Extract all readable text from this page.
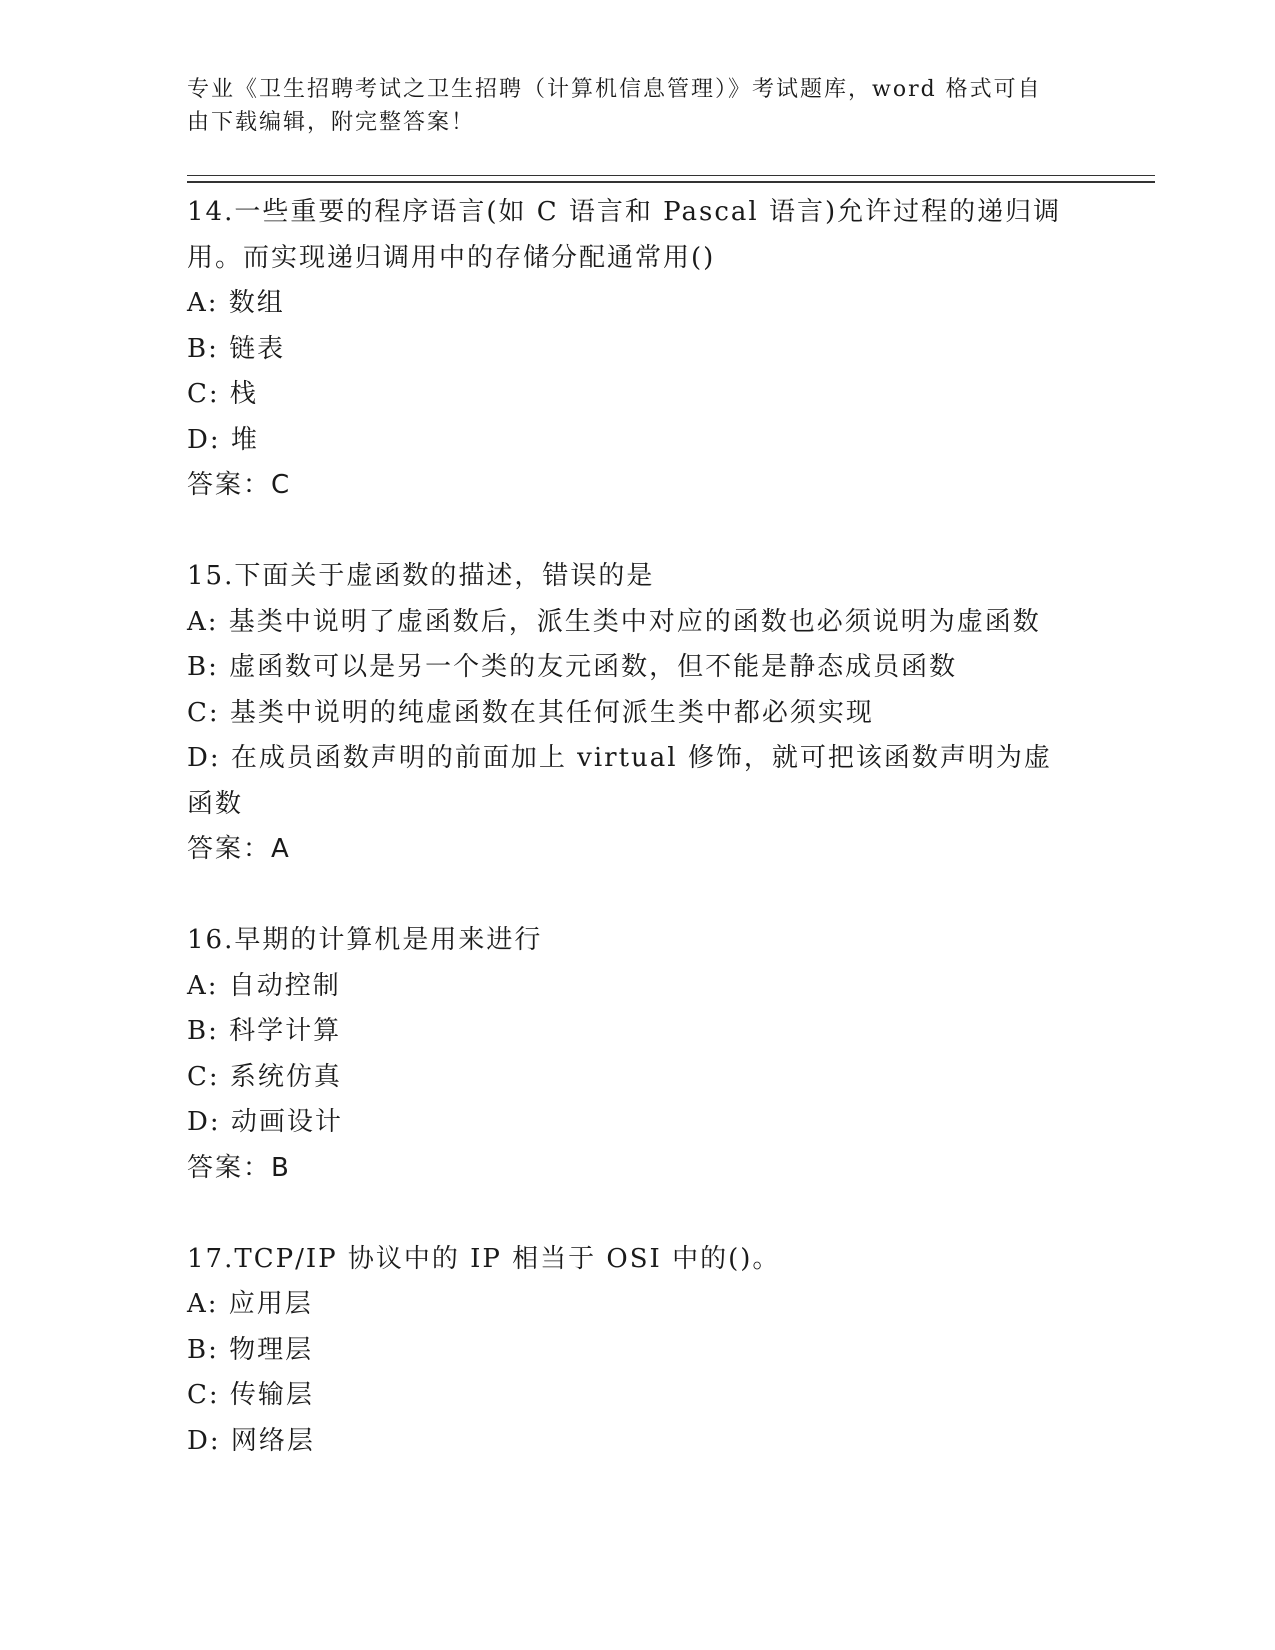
专业《卫生招聘考试之卫生招聘（计算机信息管理）》考试题库，word 格式可自
由下载编辑，附完整答案！
14.一些重要的程序语言(如 C 语言和 Pascal 语言)允许过程的递归调
用。而实现递归调用中的存储分配通常用()
A: 数组
B: 链表
C: 栈
D: 堆
答案：C
15.下面关于虚函数的描述，错误的是
A: 基类中说明了虚函数后，派生类中对应的函数也必须说明为虚函数
B: 虚函数可以是另一个类的友元函数，但不能是静态成员函数
C: 基类中说明的纯虚函数在其任何派生类中都必须实现
D: 在成员函数声明的前面加上 virtual 修饰，就可把该函数声明为虚
函数
答案：A
16.早期的计算机是用来进行
A: 自动控制
B: 科学计算
C: 系统仿真
D: 动画设计
答案：B
17.TCP/IP 协议中的 IP 相当于 OSI 中的()。
A: 应用层
B: 物理层
C: 传输层
D: 网络层
